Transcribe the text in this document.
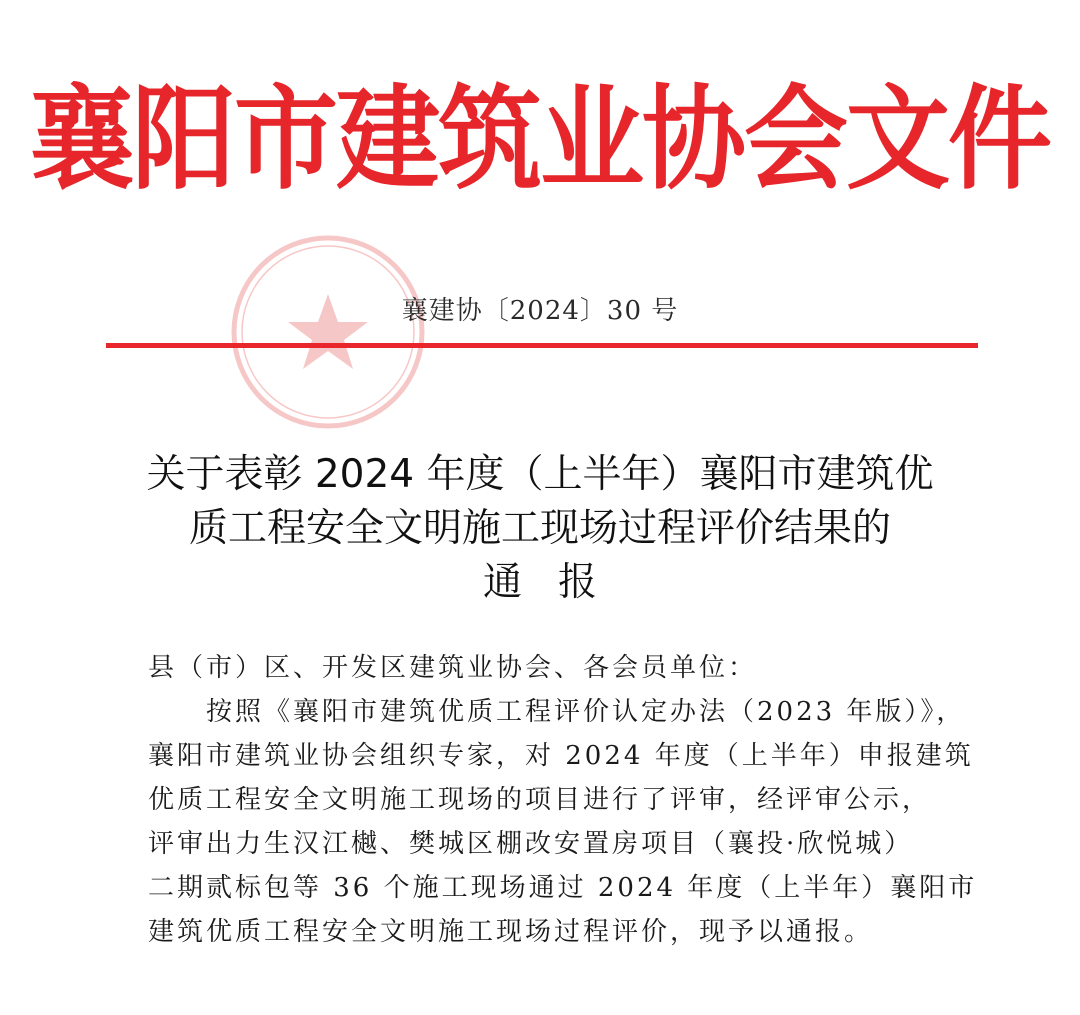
襄阳市建筑业协会文件
襄建协〔2024〕30 号
关于表彰 2024 年度（上半年）襄阳市建筑优
质工程安全文明施工现场过程评价结果的
通报
县（市）区、开发区建筑业协会、各会员单位：
按照《襄阳市建筑优质工程评价认定办法（2023 年版）》，
襄阳市建筑业协会组织专家，对 2024 年度（上半年）申报建筑
优质工程安全文明施工现场的项目进行了评审，经评审公示，
评审出力生汉江樾、樊城区棚改安置房项目（襄投·欣悦城）
二期贰标包等 36 个施工现场通过 2024 年度（上半年）襄阳市
建筑优质工程安全文明施工现场过程评价，现予以通报。
